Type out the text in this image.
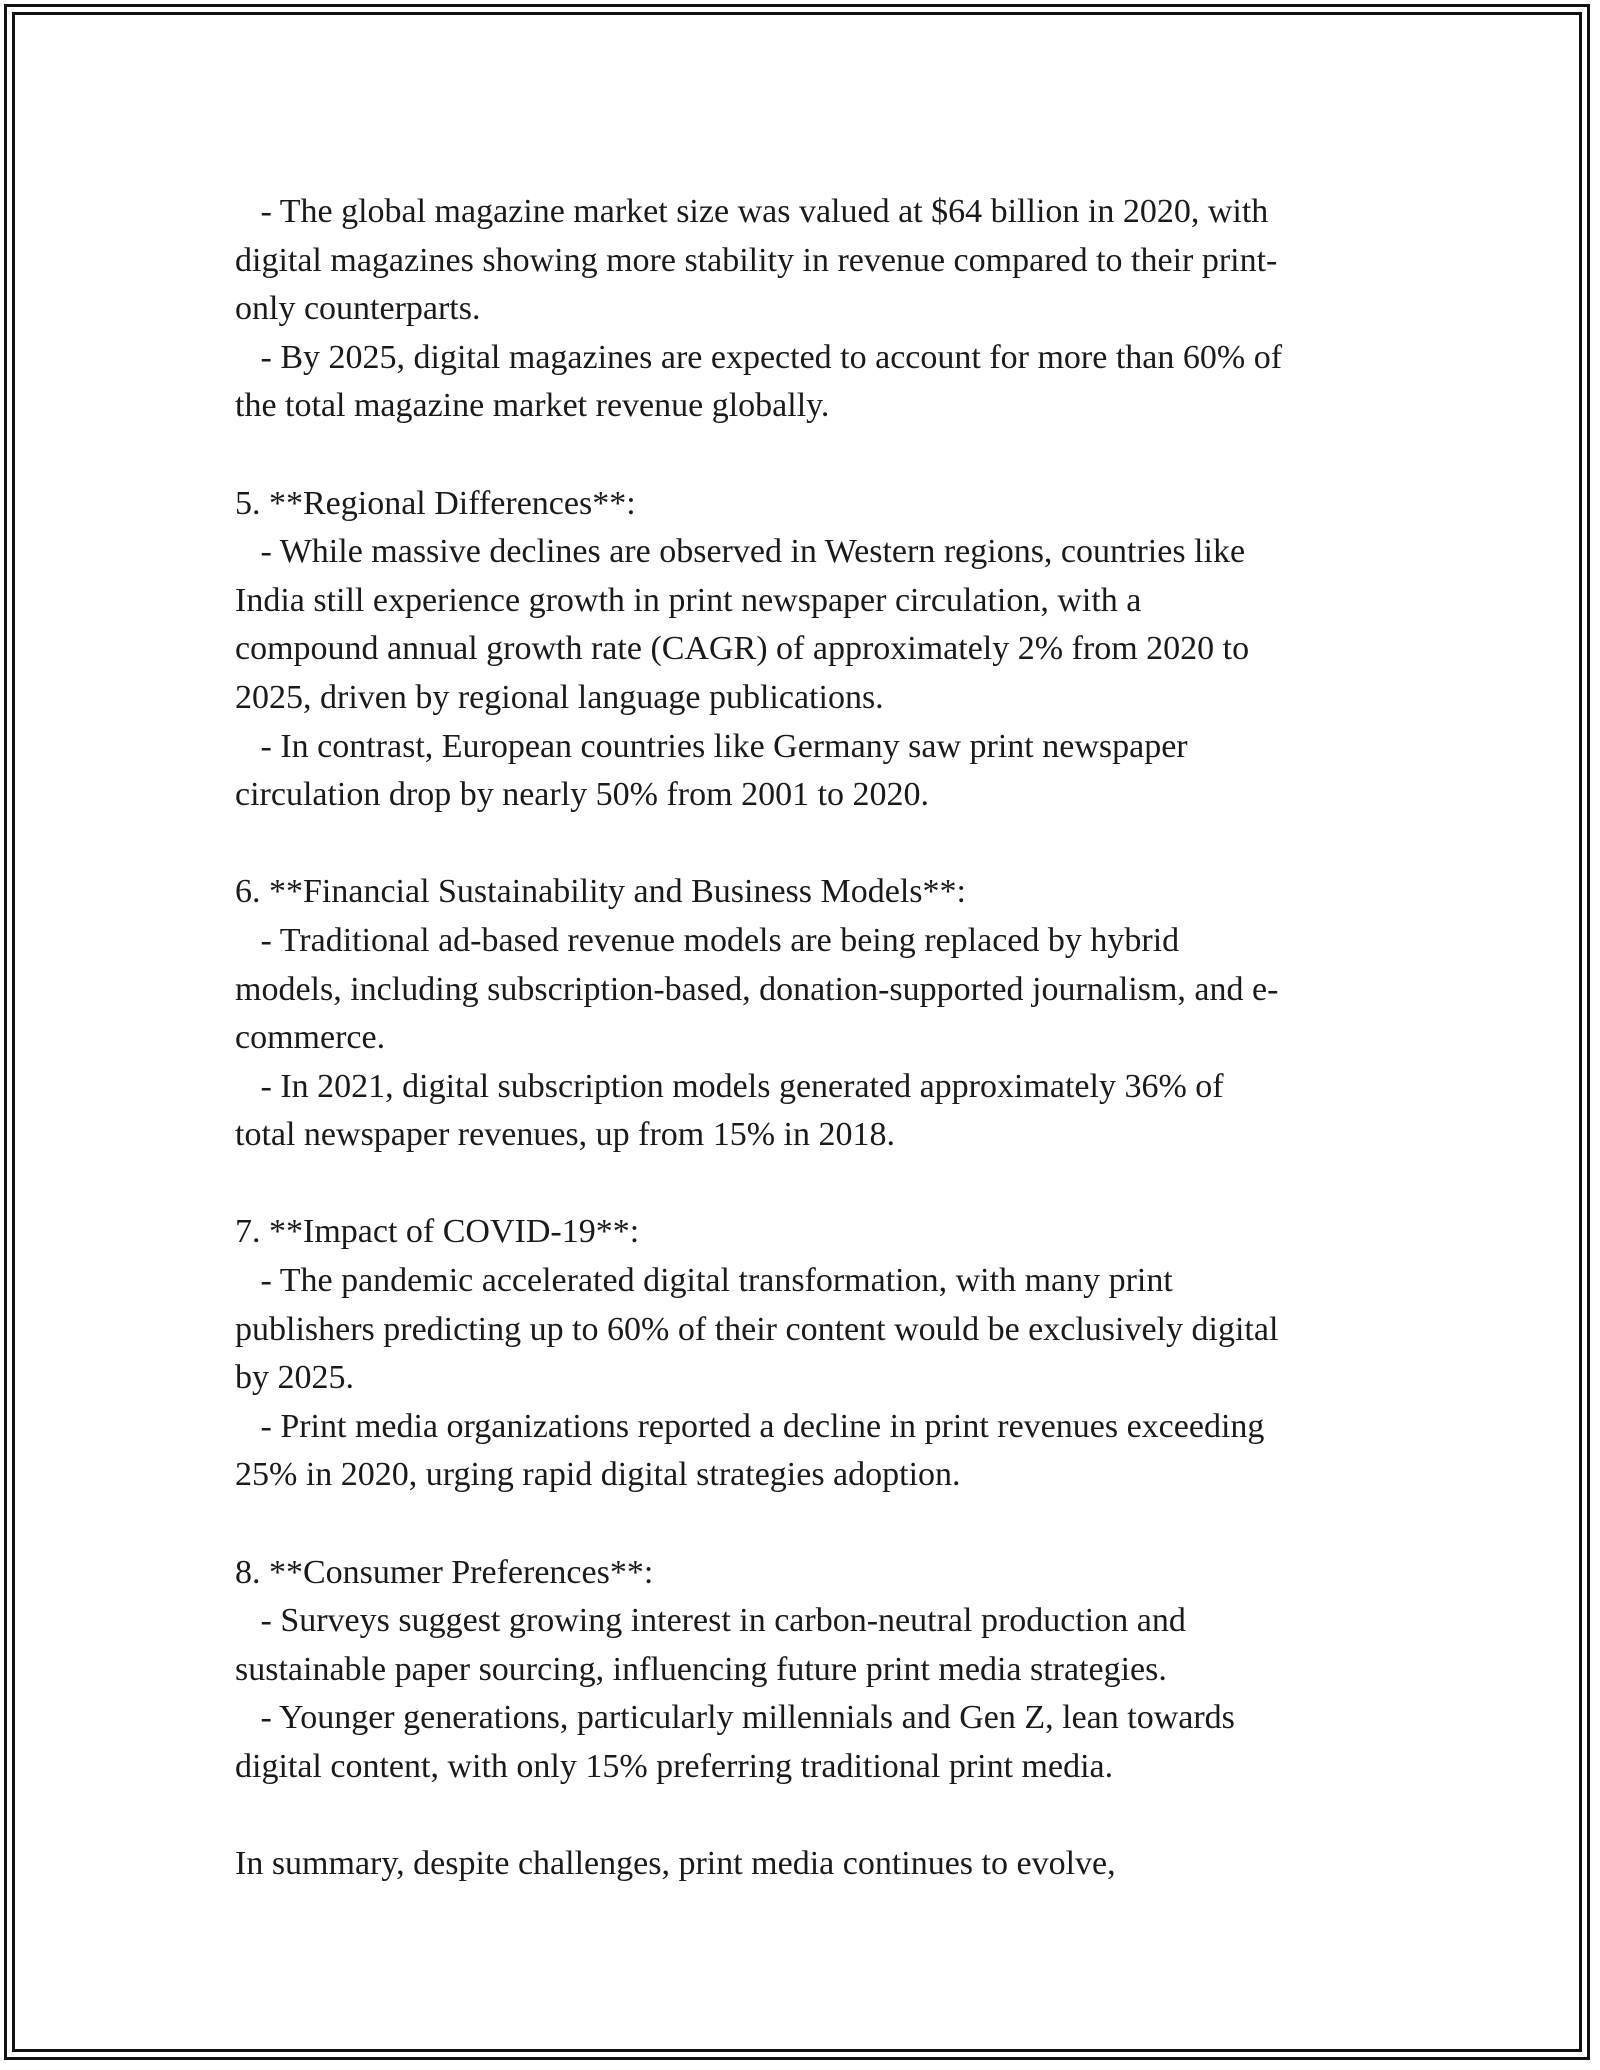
- The global magazine market size was valued at $64 billion in 2020, with
digital magazines showing more stability in revenue compared to their print-
only counterparts.
- By 2025, digital magazines are expected to account for more than 60% of
the total magazine market revenue globally.
5. **Regional Differences**:
- While massive declines are observed in Western regions, countries like
India still experience growth in print newspaper circulation, with a
compound annual growth rate (CAGR) of approximately 2% from 2020 to
2025, driven by regional language publications.
- In contrast, European countries like Germany saw print newspaper
circulation drop by nearly 50% from 2001 to 2020.
6. **Financial Sustainability and Business Models**:
- Traditional ad-based revenue models are being replaced by hybrid
models, including subscription-based, donation-supported journalism, and e-
commerce.
- In 2021, digital subscription models generated approximately 36% of
total newspaper revenues, up from 15% in 2018.
7. **Impact of COVID-19**:
- The pandemic accelerated digital transformation, with many print
publishers predicting up to 60% of their content would be exclusively digital
by 2025.
- Print media organizations reported a decline in print revenues exceeding
25% in 2020, urging rapid digital strategies adoption.
8. **Consumer Preferences**:
- Surveys suggest growing interest in carbon-neutral production and
sustainable paper sourcing, influencing future print media strategies.
- Younger generations, particularly millennials and Gen Z, lean towards
digital content, with only 15% preferring traditional print media.
In summary, despite challenges, print media continues to evolve,
